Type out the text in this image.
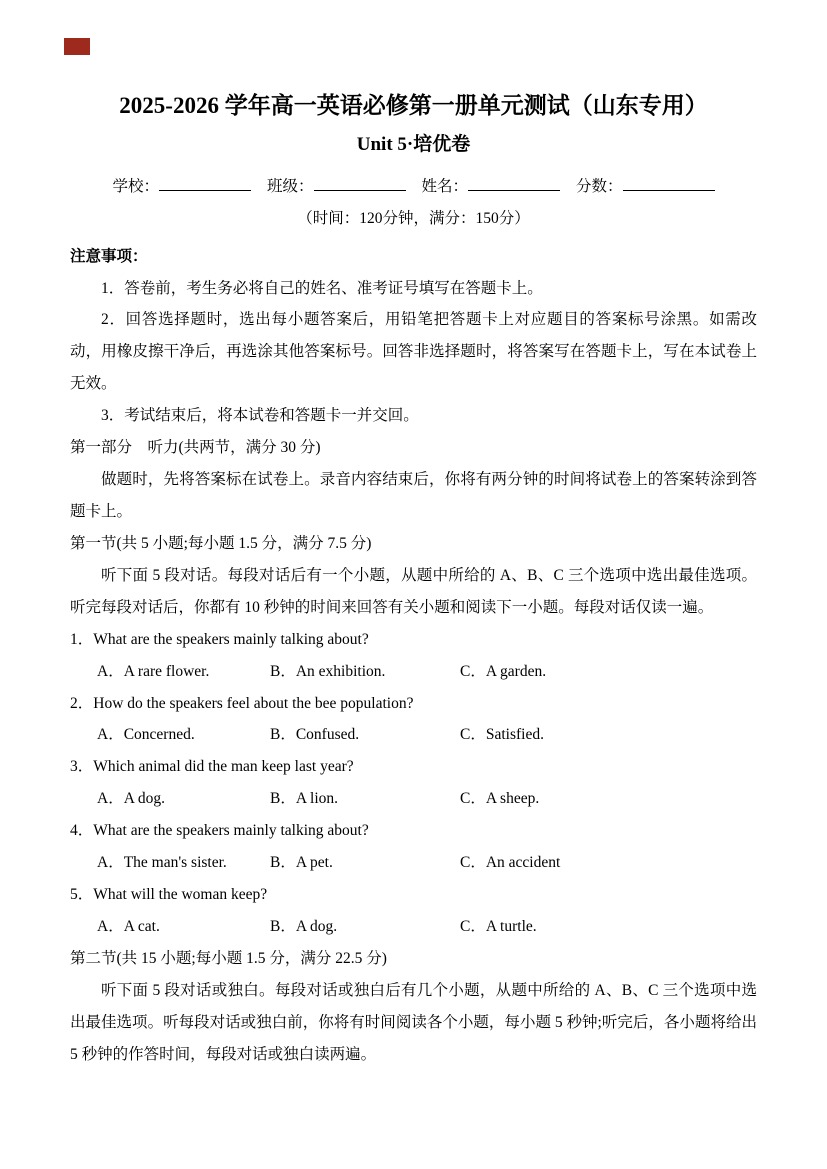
2025-2026 学年高一英语必修第一册单元测试（山东专用）
Unit 5·培优卷
学校：	班级：	姓名：	分数：
（时间：120分钟，满分：150分）

注意事项：

1．答卷前，考生务必将自己的姓名、准考证号填写在答题卡上。

2．回答选择题时，选出每小题答案后，用铅笔把答题卡上对应题目的答案标号涂黑。如需改动，用橡皮擦干净后，再选涂其他答案标号。回答非选择题时，将答案写在答题卡上，写在本试卷上无效。

3．考试结束后，将本试卷和答题卡一并交回。

第一部分　听力(共两节，满分 30 分)

做题时，先将答案标在试卷上。录音内容结束后，你将有两分钟的时间将试卷上的答案转涂到答题卡上。

第一节(共 5 小题;每小题 1.5 分，满分 7.5 分)

听下面 5 段对话。每段对话后有一个小题，从题中所给的 A、B、C 三个选项中选出最佳选项。听完每段对话后，你都有 10 秒钟的时间来回答有关小题和阅读下一小题。每段对话仅读一遍。

1．What are the speakers mainly talking about?

A．A rare flower.	B．An exhibition.	C．A garden.

2．How do the speakers feel about the bee population?

A．Concerned.	B．Confused.	C．Satisfied.

3．Which animal did the man keep last year?

A．A dog.	B．A lion.	C．A sheep.

4．What are the speakers mainly talking about?

A．The man's sister.	B．A pet.	C．An accident

5．What will the woman keep?

A．A cat.	B．A dog.	C．A turtle.

第二节(共 15 小题;每小题 1.5 分，满分 22.5 分)

听下面 5 段对话或独白。每段对话或独白后有几个小题，从题中所给的 A、B、C 三个选项中选出最佳选项。听每段对话或独白前，你将有时间阅读各个小题，每小题 5 秒钟;听完后，各小题将给出 5 秒钟的作答时间，每段对话或独白读两遍。
